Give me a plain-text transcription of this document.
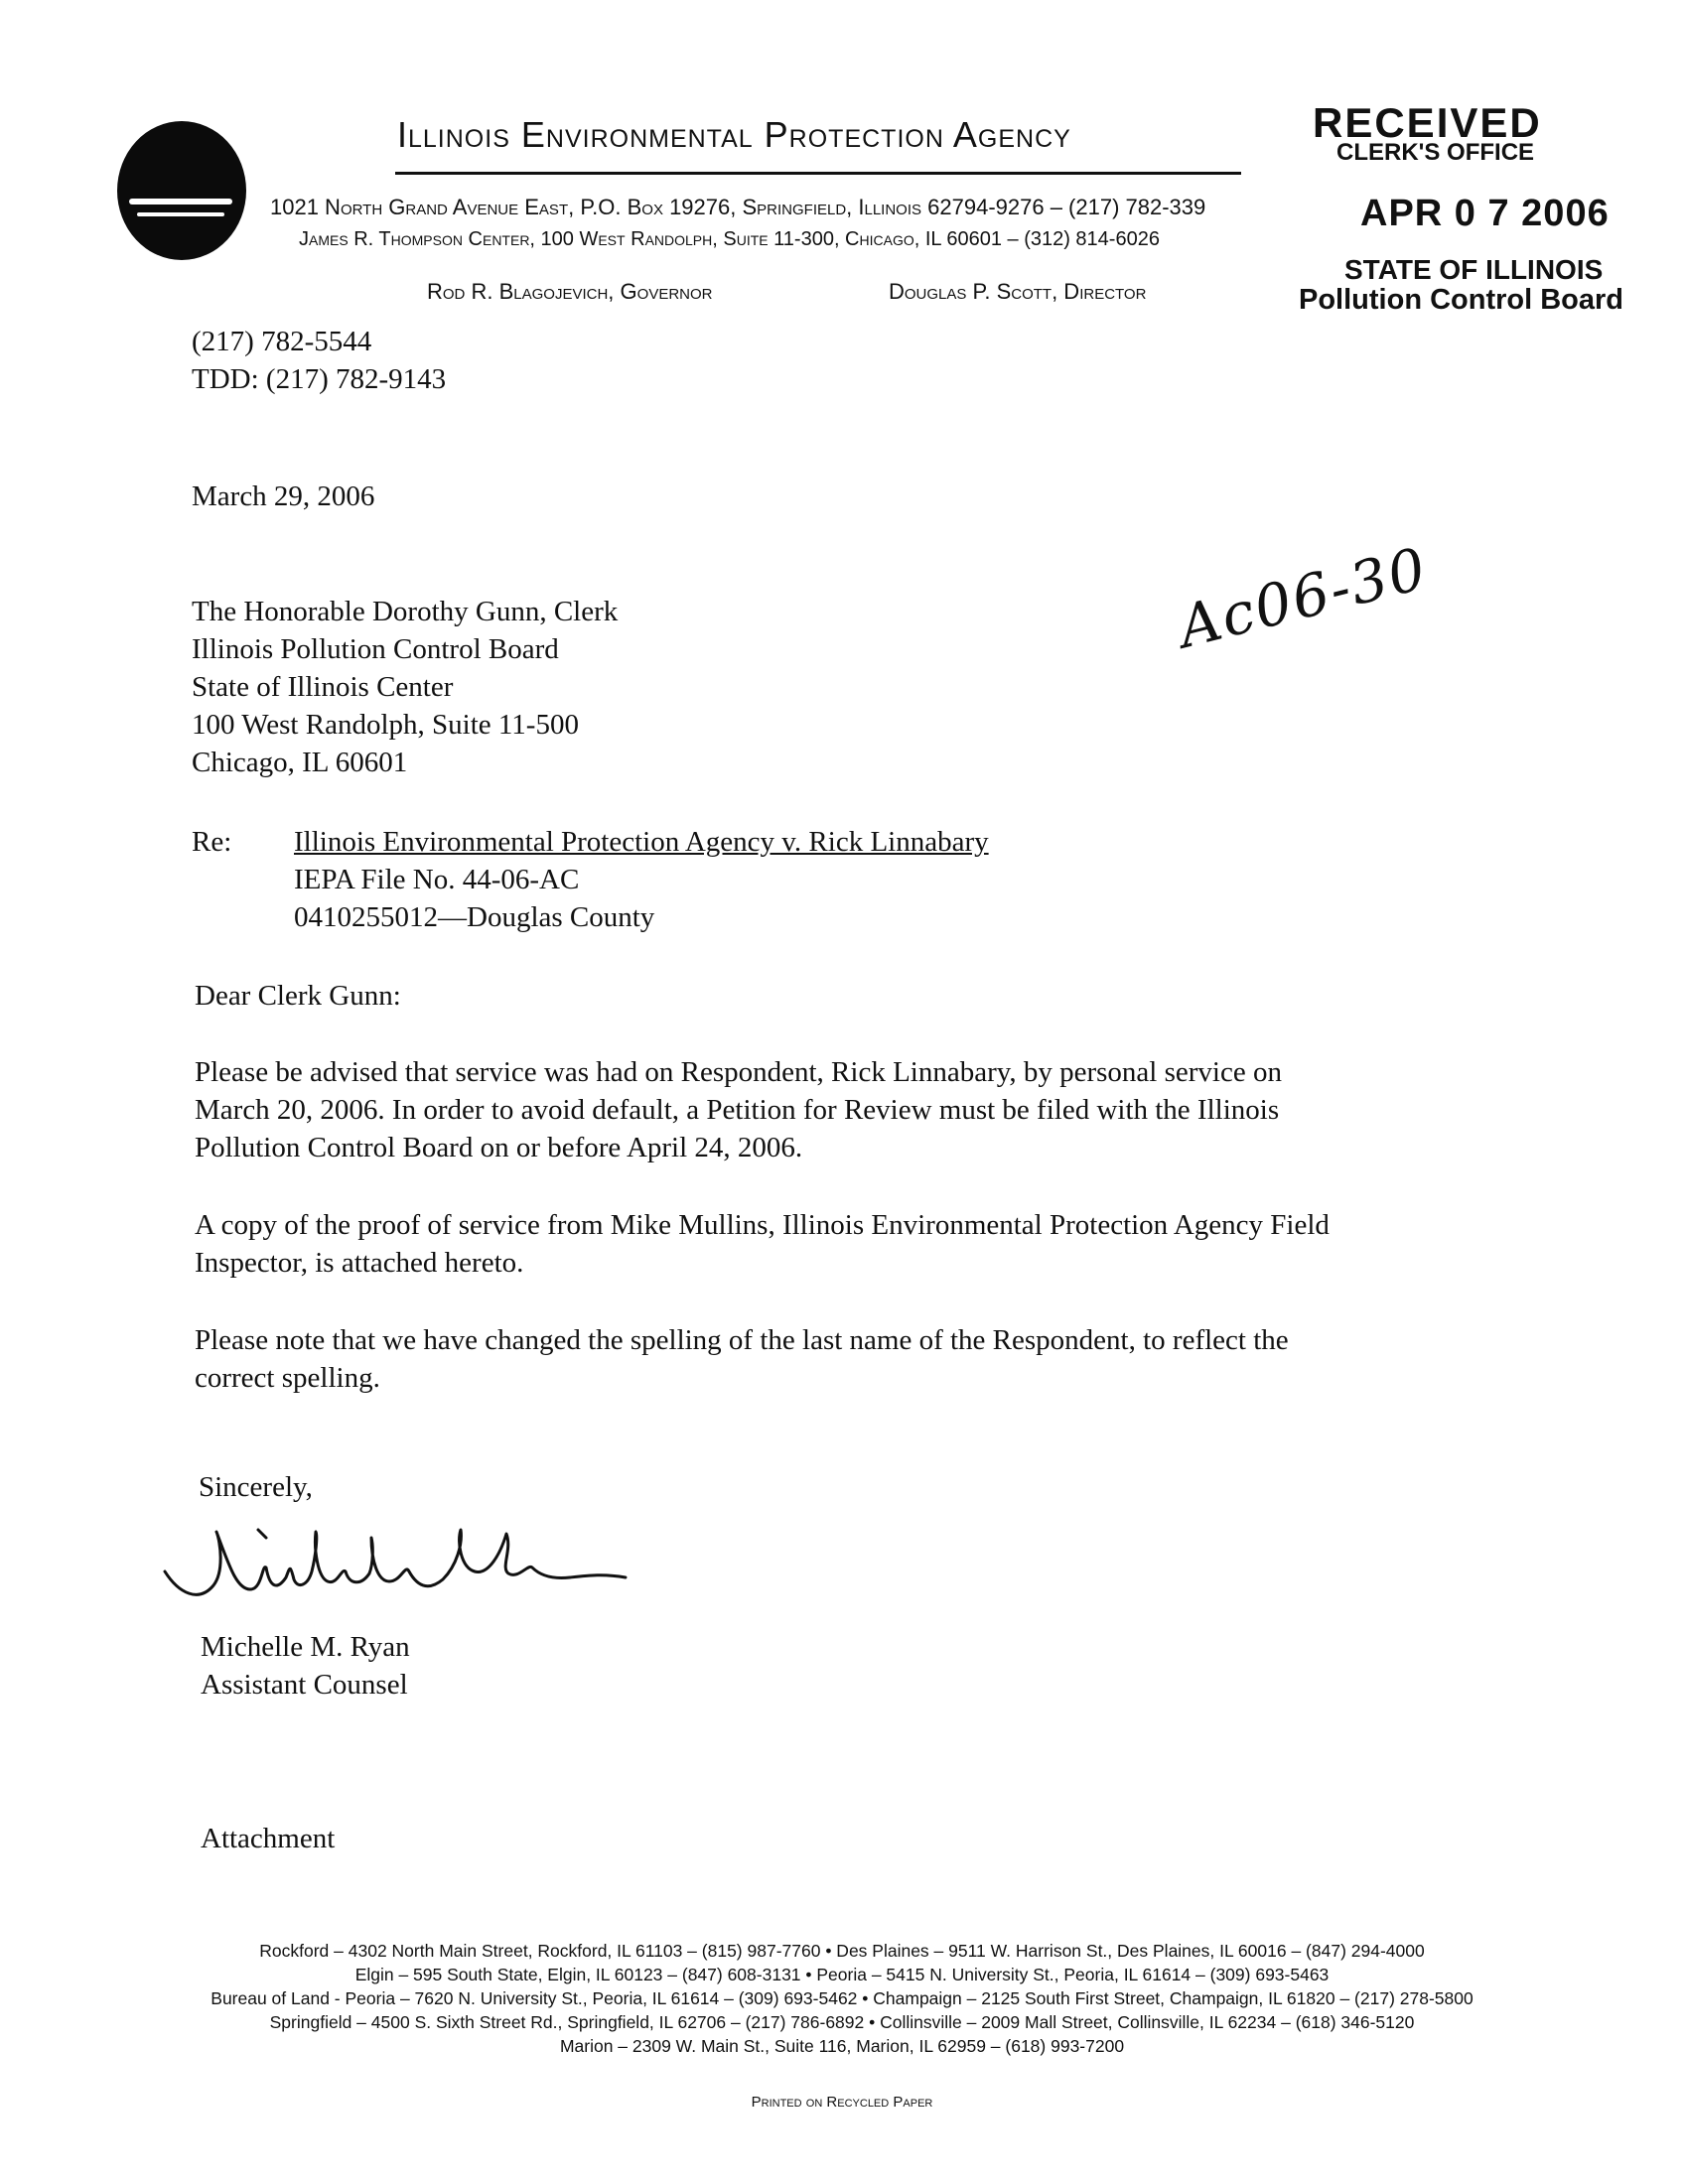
Illinois Environmental Protection Agency
1021 North Grand Avenue East, P.O. Box 19276, Springfield, Illinois 62794-9276 – (217) 782-339
James R. Thompson Center, 100 West Randolph, Suite 11-300, Chicago, IL 60601 – (312) 814-6026
Rod R. Blagojevich, Governor	Douglas P. Scott, Director
RECEIVED
CLERK'S OFFICE
APR 0 7 2006
STATE OF ILLINOIS
Pollution Control Board
(217) 782-5544
TDD: (217) 782-9143
March 29, 2006
The Honorable Dorothy Gunn, Clerk
Illinois Pollution Control Board
State of Illinois Center
100 West Randolph, Suite 11-500
Chicago, IL 60601
Ac06-30
Re: Illinois Environmental Protection Agency v. Rick Linnabary
IEPA File No. 44-06-AC
0410255012—Douglas County
Dear Clerk Gunn:
Please be advised that service was had on Respondent, Rick Linnabary, by personal service on
March 20, 2006. In order to avoid default, a Petition for Review must be filed with the Illinois
Pollution Control Board on or before April 24, 2006.
A copy of the proof of service from Mike Mullins, Illinois Environmental Protection Agency Field
Inspector, is attached hereto.
Please note that we have changed the spelling of the last name of the Respondent, to reflect the
correct spelling.
Sincerely,
Michelle M. Ryan
Assistant Counsel
Attachment
Rockford – 4302 North Main Street, Rockford, IL 61103 – (815) 987-7760 • Des Plaines – 9511 W. Harrison St., Des Plaines, IL 60016 – (847) 294-4000
Elgin – 595 South State, Elgin, IL 60123 – (847) 608-3131 • Peoria – 5415 N. University St., Peoria, IL 61614 – (309) 693-5463
Bureau of Land - Peoria – 7620 N. University St., Peoria, IL 61614 – (309) 693-5462 • Champaign – 2125 South First Street, Champaign, IL 61820 – (217) 278-5800
Springfield – 4500 S. Sixth Street Rd., Springfield, IL 62706 – (217) 786-6892 • Collinsville – 2009 Mall Street, Collinsville, IL 62234 – (618) 346-5120
Marion – 2309 W. Main St., Suite 116, Marion, IL 62959 – (618) 993-7200
Printed on Recycled Paper
